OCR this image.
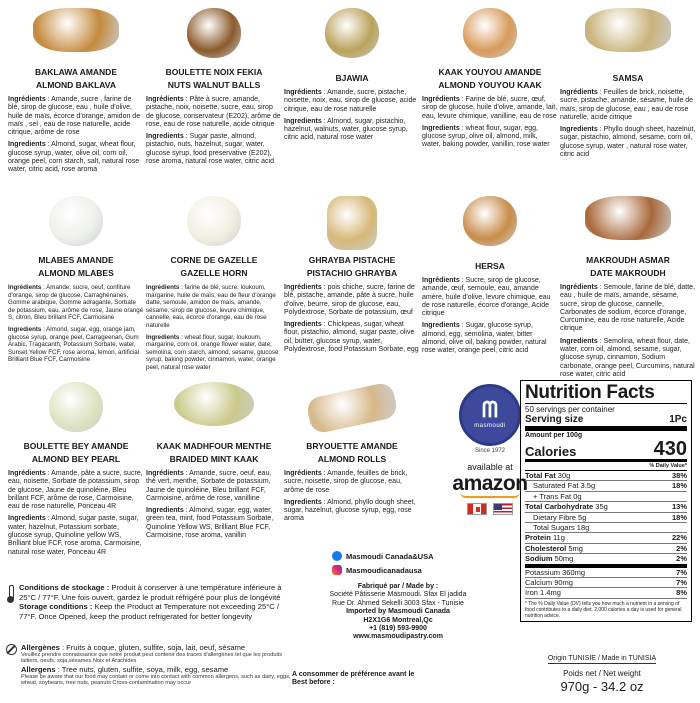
BAKLAWA AMANDE
ALMOND BAKLAVA
Ingrédients : Amande, sucre , farine de blé, sirop de glucose, eau , huile d'olive, huile de maïs, écorce d'orange, amidon de maïs , sel , eau de rose naturelle, acide citrique, arôme de rose
Ingredients : Almond, sugar, wheat flour, glucose syrup, water, olive oil, corn oil, orange peel, corn starch, salt, natural rose water, citric acid, rose aroma
BOULETTE NOIX FEKIA
NUTS WALNUT BALLS
Ingrédients : Pâte à sucre, amande, pistache, noix, noisette, sucre, eau, sirop de glucose, conservateur (E202), arôme de rose, eau de rose naturelle, acide citrique
Ingredients : Sugar paste, almond, pistachio, nuts, hazelnut, sugar, water, glucose syrup, food preservative (E202), rose aroma, natural rose water, citric acid
BJAWIA
Ingrédients : Amande, sucre, pistache, noisette, noix, eau, sirop de glucose, acide citrique, eau de rose naturelle
Ingredients : Almond, sugar, pistachio, hazelnut, walnuts, water, glucose syrup, citric acid, natural rose water
KAAK YOUYOU AMANDE
ALMOND YOUYOU KAAK
Ingrédients : Farine de blé, sucre, œuf, sirop de glucose, huile d'olive, amande, lait, eau, levure chimique, vanilline, eau de rose
Ingredients : wheat flour, sugar, egg, glucose syrup, olive oil, almond, milk, water, baking powder, vanillin, rose water
SAMSA
Ingrédients : Feuilles de brick, noisette, sucre, pistache, amande, sésame, huile de maïs, sirop de glucose, eau , eau de rose naturelle, acide citrique
Ingredients : Phyllo dough sheet, hazelnut, sugar, pistachio, almond, sesame, corn oil, glucose syrup, water , natural rose water, citric acid
MLABES AMANDE
ALMOND MLABES
Ingrédients : Amande, sucre, oeuf, confiture d'orange, sirop de glucose, Carraghénanes, Gomme arabique, Gomme adragante, Sorbate de potassium, eau, arôme de rose, Jaune orangé S, citron, Bleu brillant FCF, Carmoisine
Ingredients : Almond, sugar, egg, orange jam, glucose syrup, orange peel, Carrageenan, Gum Arabic, Tragacanth, Potassium Sorbate, water, Sunset Yellow FCF, rose aroma, lemon, artificial Brilliant Blue FCF, Carmoisine
CORNE DE GAZELLE
GAZELLE HORN
Ingrédients : farine de blé, sucre, loukoum, margarine, huile de maïs, eau de fleur d'orange datte, semoule, amidon de maïs, amande, sésame, sirop de glucose, levure chimique, cannelle, eau, écorce d'orange, eau de rose naturelle
Ingredients : wheat flour, sugar, loukoum, margarine, corn oil, orange flower water, date, semolina, corn starch, almond, sesame, glucose syrup, baking powder, cinnamon, water, orange peel, natural rose water
GHRAYBA PISTACHE
PISTACHIO GHRAYBA
Ingrédients : pois chiche, sucre, farine de blé, pistache, amande, pâte à sucre, huile d'olive, beurre, sirop de glucose, eau, Polydextrose, Sorbate de potassium, œuf
Ingredients : Chickpeas, sugar, wheat flour, pistachio, almond, sugar paste, olive oil, butter, glucose syrup, water, Polydextrose, food Potassium Sorbate, egg
HERSA
Ingrédients : Sucre, sirop de glucose, amande, œuf, semoule, eau, amande amère, huile d'olive, levure chimique, eau de rose naturelle, écorce d'orange, Acide citrique
Ingredients : Sugar, glucose syrup, almond, egg, semolina, water, bitter almond, olive oil, baking powder, natural rose water, orange peel, citric acid
MAKROUDH ASMAR
DATE MAKROUDH
Ingrédients : Semoule, farine de blé, datte, eau , huile de maïs, amande, sésame, sucre, sirop de glucose, cannelle, Carbonates de sodium, écorce d'orange, Curcumine, eau de rose naturelle, Acide citrique
Ingredients : Semolina, wheat flour, date, water, corn oil, almond, sesame, sugar, glucose syrup, cinnamon, Sodium carbonate, orange peel, Curcumins, natural rose water, citric acid
BOULETTE BEY AMANDE
ALMOND BEY PEARL
Ingrédients : Amande, pâte a sucre, sucre, eau, noisette, Sorbate de potassium, sirop de glucose, Jaune de quinoléine, Bleu brillant FCF, arôme de rose, Carmoisine, eau de rose naturelle, Ponceau 4R
Ingredients : Almond, sugar paste, sugar, water, hazelnut, Potassium sorbate, glucose syrup, Quinoline yellow WS, Brilliant blue FCF, rose aroma, Carmoisine, natural rose water, Ponceau 4R
KAAK MADHFOUR MENTHE
BRAIDED MINT KAAK
Ingrédients : Amande, sucre, oeuf, eau, thé vert, menthe, Sorbate de potassium, Jaune de quinoléine, Bleu brillant FCF, Carmoisine, arôme de rose, vanilline
Ingredients : Almond, sugar, egg, water, green tea, mint, food Potassium Sorbate, Quinoline Yellow WS, Brilliant Blue FCF, Carmoisine, rose aroma, vanillin
BRYOUETTE AMANDE
ALMOND ROLLS
Ingrédients : Amande, feuilles de brick, sucre, noisette, sirop de glucose, eau, arôme de rose
Ingredients : Almond, phyllo dough sheet, sugar, hazelnut, glucose syrup, egg, rose aroma
ᗰ
masmoudi
Since 1972
available at
amazon
Nutrition Facts
50 servings per container
Serving size	1Pc
Amount per 100g
Calories	430
% Daily Value*
Total Fat 30g	38%
Saturated Fat 3.5g	18%
+ Trans Fat 0g
Total Carbohydrate 35g	13%
Dietary Fibre 5g	18%
Total Sugars 18g
Protein 11g	22%
Cholesterol 5mg	2%
Sodium 50mg	2%
Potassium 360mg	7%
Calcium 90mg	7%
Iron 1.4mg	8%
* The % Daily Value (DV) tells you how much a nutrient in a serving of food contributes to a daily diet. 2,000 calories a day is used for general nutrition advice.
Masmoudi Canada&USA
Masmoudicanadausa
Conditions de stockage : Produit à conserver à une température inférieure à 25°C / 77°F. Une fois ouvert, gardez le produit réfrigéré pour plus de longévité
Storage conditions : Keep the Product at Temperature not exceeding 25°C / 77°F. Once Opened, keep the product refrigerated for better longevity
Allergènes : Fruits à coque, gluten, sulfite, soja, lait, oeuf, sésame
Veuillez prendre connaissance que notre produit peut contenir des traces d'allergènes tel que les produits laitiers, oeufs, soja,sésames Noix et Arachides
Allergens : Tree nuts, gluten, sulfite, soya, milk, egg, sesame
Please be aware that our food may contain or come into contact with common allergens, such as dairy, eggs, wheat, soybeans, tree nuts, peanuts Cross-contamination may occur
Fabriqué par / Made by :
Société Pâtisserie Masmoudi. Sfax El jadida
Rue Dr. Ahmed Sekelli 3003 Sfax - Tunisie
Imported by Masmoudi Canada
H2X1G6 Montreal,Qc
+1 (819) 593-9900
www.masmoudipastry.com
A consommer de préférence avant le
Best before :
Origin TUNISIE / Made in TUNISIA
Poids net / Net weight
970g - 34.2 oz
